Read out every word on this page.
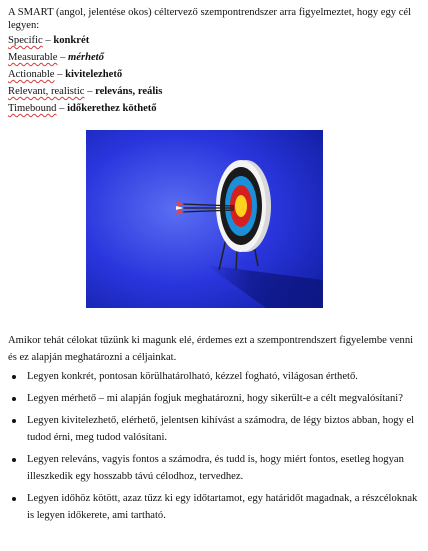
A SMART (angol, jelentése okos) céltervező szempontrendszer arra figyelmeztet, hogy egy cél legyen:

Specific – konkrét
Measurable – mérhető
Actionable – kivitelezhető
Relevant, realistic – releváns, reális
Timebound – időkerethez köthető

Amikor tehát célokat tűzünk ki magunk elé, érdemes ezt a szempontrendszert figyelembe venni és ez alapján meghatározni a céljainkat.

Legyen konkrét, pontosan körülhatárolható, kézzel fogható, világosan érthető.
Legyen mérhető – mi alapján fogjuk meghatározni, hogy sikerült-e a célt megvalósítani?
Legyen kivitelezhető, elérhető, jelentsen kihívást a számodra, de légy biztos abban, hogy el tudod érni, meg tudod valósítani.
Legyen releváns, vagyis fontos a számodra, és tudd is, hogy miért fontos, esetleg hogyan illeszkedik egy hosszabb távú célodhoz, tervedhez.
Legyen időhöz kötött, azaz tűzz ki egy időtartamot, egy határidőt magadnak, a részcéloknak is legyen időkerete, ami tartható.
